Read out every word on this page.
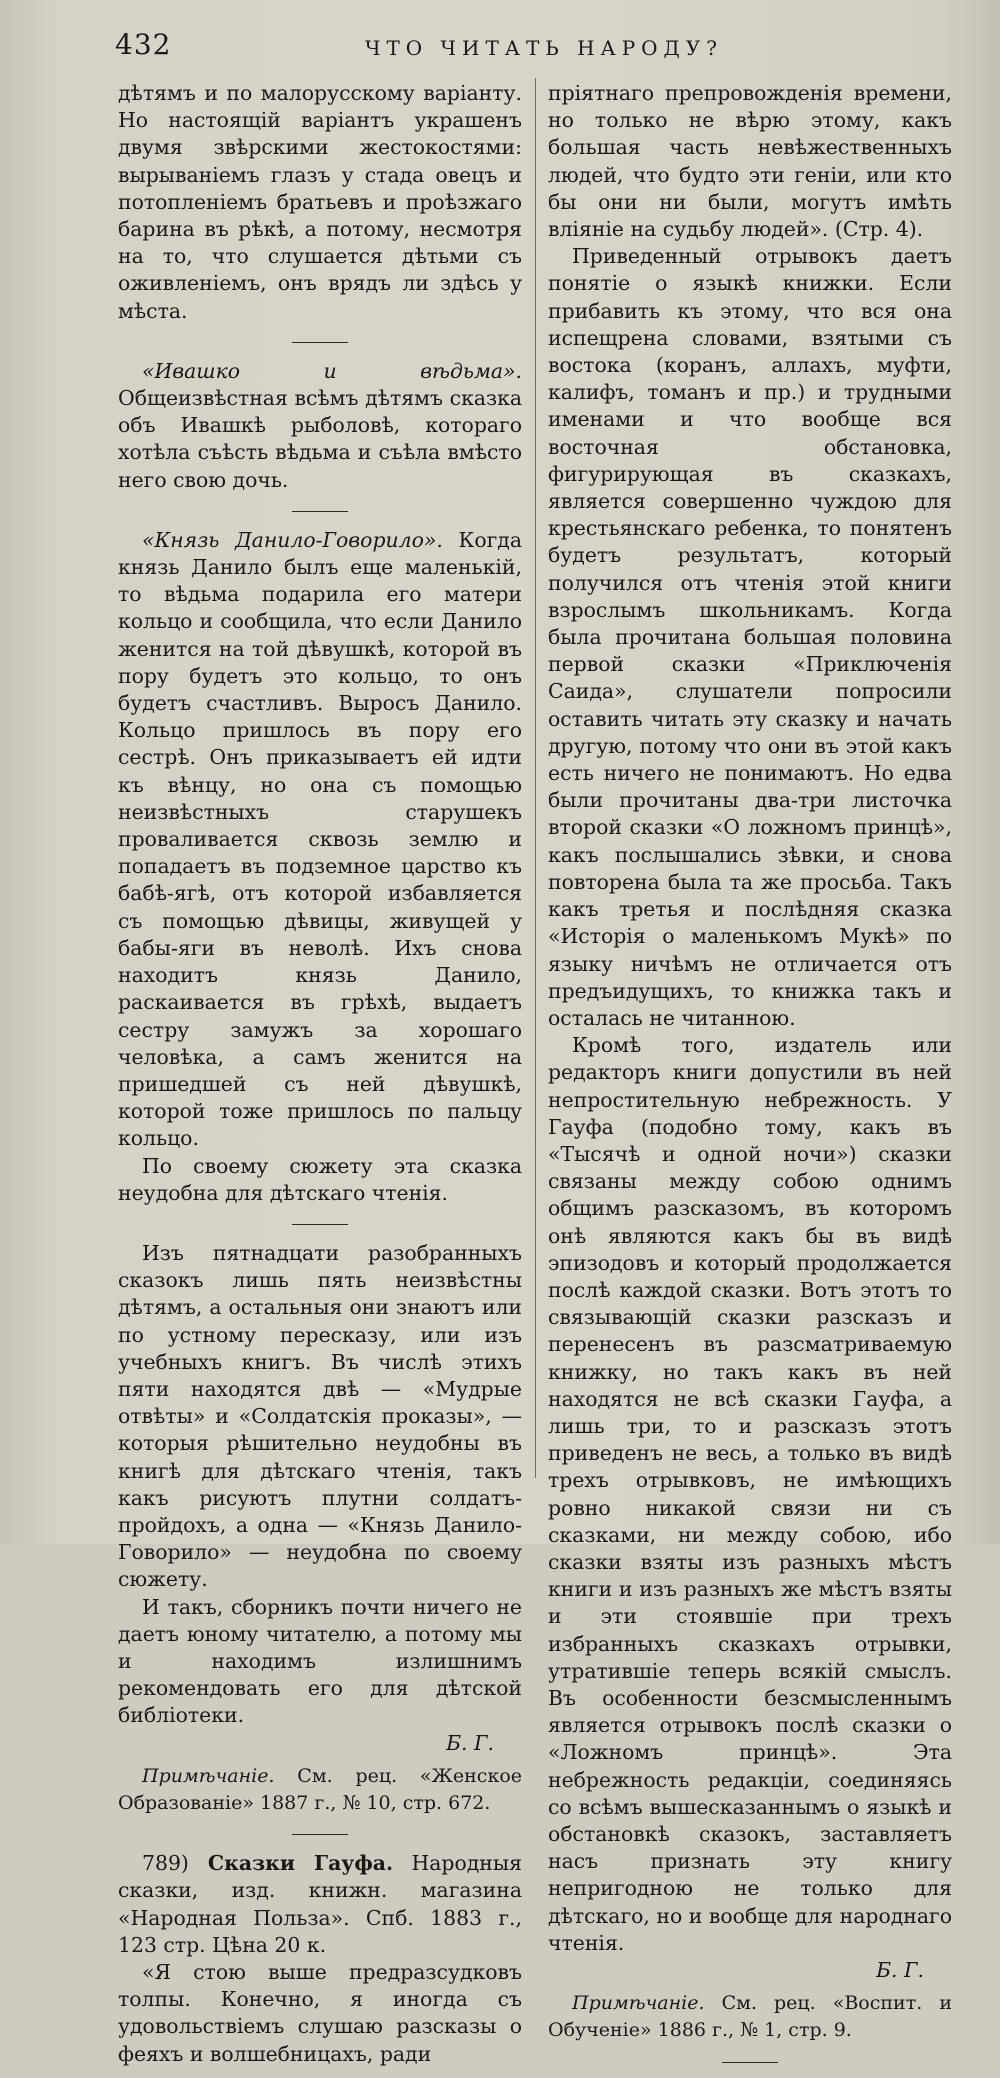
432	ЧТО ЧИТАТЬ НАРОДУ?

дѣтямъ и по малорусскому варіанту. Но настоящій варіантъ украшенъ двумя звѣрскими жестокостями: вырываніемъ глазъ у стада овецъ и потопленіемъ братьевъ и проѣзжаго барина въ рѣкѣ, а потому, несмотря на то, что слушается дѣтьми съ оживленіемъ, онъ врядъ ли здѣсь у мѣста.

«Ивашко и вѣдьма». Общеизвѣстная всѣмъ дѣтямъ сказка объ Ивашкѣ рыболовѣ, котораго хотѣла съѣсть вѣдьма и съѣла вмѣсто него свою дочь.

«Князь Данило-Говорило». Когда князь Данило былъ еще маленькій, то вѣдьма подарила его матери кольцо и сообщила, что если Данило женится на той дѣвушкѣ, которой въ пору будетъ это кольцо, то онъ будетъ счастливъ. Выросъ Данило. Кольцо пришлось въ пору его сестрѣ. Онъ приказываетъ ей идти къ вѣнцу, но она съ помощью неизвѣстныхъ старушекъ проваливается сквозь землю и попадаетъ въ подземное царство къ бабѣ-ягѣ, отъ которой избавляется съ помощью дѣвицы, живущей у бабы-яги въ неволѣ. Ихъ снова находитъ князь Данило, раскаивается въ грѣхѣ, выдаетъ сестру замужъ за хорошаго человѣка, а самъ женится на пришедшей съ ней дѣвушкѣ, которой тоже пришлось по пальцу кольцо.

По своему сюжету эта сказка неудобна для дѣтскаго чтенія.

Изъ пятнадцати разобранныхъ сказокъ лишь пять неизвѣстны дѣтямъ, а остальныя они знаютъ или по устному пересказу, или изъ учебныхъ книгъ. Въ числѣ этихъ пяти находятся двѣ — «Мудрые отвѣты» и «Солдатскія проказы», — которыя рѣшительно неудобны въ книгѣ для дѣтскаго чтенія, такъ какъ рисуютъ плутни солдатъ-пройдохъ, а одна — «Князь Данило-Говорило» — неудобна по своему сюжету.

И такъ, сборникъ почти ничего не даетъ юному читателю, а потому мы и находимъ излишнимъ рекомендовать его для дѣтской библіотеки.

Б. Г.

Примѣчаніе. См. рец. «Женское Образованіе» 1887 г., № 10, стр. 672.

789) Сказки Гауфа. Народныя сказки, изд. книжн. магазина «Народная Польза». Спб. 1883 г., 123 стр. Цѣна 20 к.

«Я стою выше предразсудковъ толпы. Конечно, я иногда съ удовольствіемъ слушаю разсказы о феяхъ и волшебницахъ, ради

пріятнаго препровожденія времени, но только не вѣрю этому, какъ большая часть невѣжественныхъ людей, что будто эти геніи, или кто бы они ни были, могутъ имѣть вліяніе на судьбу людей». (Стр. 4).

Приведенный отрывокъ даетъ понятіе о языкѣ книжки. Если прибавить къ этому, что вся она испещрена словами, взятыми съ востока (коранъ, аллахъ, муфти, калифъ, томанъ и пр.) и трудными именами и что вообще вся восточная обстановка, фигурирующая въ сказкахъ, является совершенно чуждою для крестьянскаго ребенка, то понятенъ будетъ результатъ, который получился отъ чтенія этой книги взрослымъ школьникамъ. Когда была прочитана большая половина первой сказки «Приключенія Саида», слушатели попросили оставить читать эту сказку и начать другую, потому что они въ этой какъ есть ничего не понимаютъ. Но едва были прочитаны два-три листочка второй сказки «О ложномъ принцѣ», какъ послышались зѣвки, и снова повторена была та же просьба. Такъ какъ третья и послѣдняя сказка «Исторія о маленькомъ Мукѣ» по языку ничѣмъ не отличается отъ предъидущихъ, то книжка такъ и осталась не читанною.

Кромѣ того, издатель или редакторъ книги допустили въ ней непростительную небрежность. У Гауфа (подобно тому, какъ въ «Тысячѣ и одной ночи») сказки связаны между собою однимъ общимъ разсказомъ, въ которомъ онѣ являются какъ бы въ видѣ эпизодовъ и который продолжается послѣ каждой сказки. Вотъ этотъ то связывающій сказки разсказъ и перенесенъ въ разсматриваемую книжку, но такъ какъ въ ней находятся не всѣ сказки Гауфа, а лишь три, то и разсказъ этотъ приведенъ не весь, а только въ видѣ трехъ отрывковъ, не имѣющихъ ровно никакой связи ни съ сказками, ни между собою, ибо сказки взяты изъ разныхъ мѣстъ книги и изъ разныхъ же мѣстъ взяты и эти стоявшіе при трехъ избранныхъ сказкахъ отрывки, утратившіе теперь всякій смыслъ. Въ особенности безсмысленнымъ является отрывокъ послѣ сказки о «Ложномъ принцѣ». Эта небрежность редакціи, соединяясь со всѣмъ вышесказаннымъ о языкѣ и обстановкѣ сказокъ, заставляетъ насъ признать эту книгу непригодною не только для дѣтскаго, но и вообще для народнаго чтенія.

Б. Г.

Примѣчаніе. См. рец. «Воспит. и Обученіе» 1886 г., № 1, стр. 9.
